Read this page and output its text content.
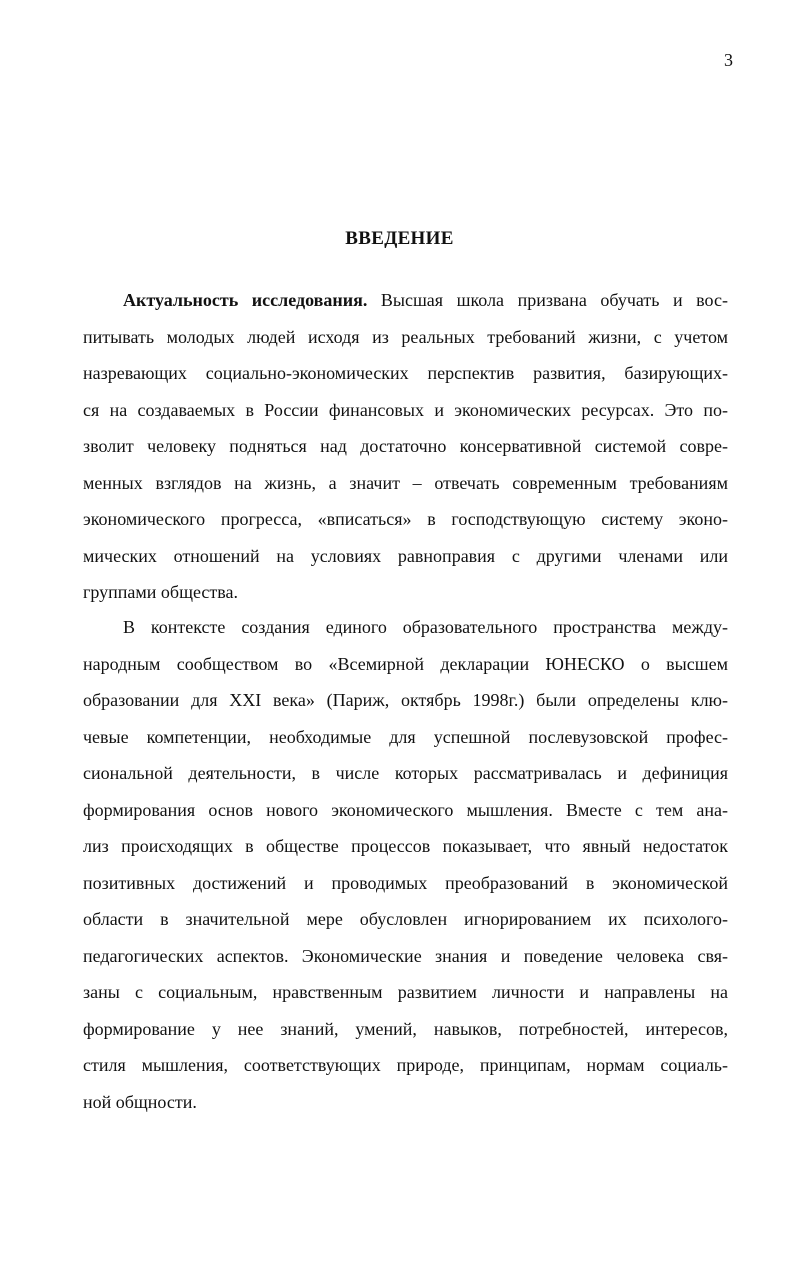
3
ВВЕДЕНИЕ
Актуальность исследования. Высшая школа призвана обучать и вос-
питывать молодых людей исходя из реальных требований жизни, с учетом
назревающих социально-экономических перспектив развития, базирующих-
ся на создаваемых в России финансовых и экономических ресурсах. Это по-
зволит человеку подняться над достаточно консервативной системой совре-
менных взглядов на жизнь, а значит – отвечать современным требованиям
экономического прогресса, «вписаться» в господствующую систему эконо-
мических отношений на условиях равноправия с другими членами или
группами общества.
В контексте создания единого образовательного пространства между-
народным сообществом во «Всемирной декларации ЮНЕСКО о высшем
образовании для XXI века» (Париж, октябрь 1998г.) были определены клю-
чевые компетенции, необходимые для успешной послевузовской профес-
сиональной деятельности, в числе которых рассматривалась и дефиниция
формирования основ нового экономического мышления. Вместе с тем ана-
лиз происходящих в обществе процессов показывает, что явный недостаток
позитивных достижений и проводимых преобразований в экономической
области в значительной мере обусловлен игнорированием их психолого-
педагогических аспектов. Экономические знания и поведение человека свя-
заны с социальным, нравственным развитием личности и направлены на
формирование у нее знаний, умений, навыков, потребностей, интересов,
стиля мышления, соответствующих природе, принципам, нормам социаль-
ной общности.
